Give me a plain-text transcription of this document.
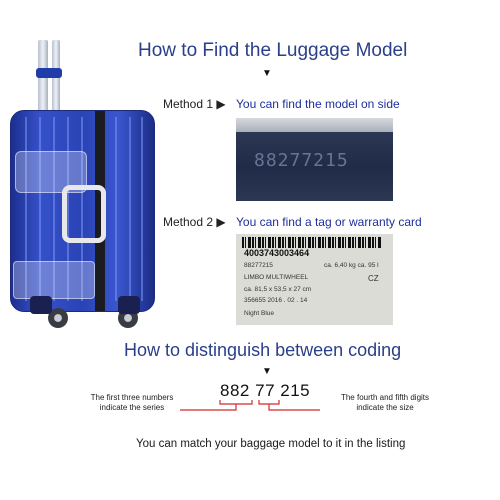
How to Find the Luggage Model
▼
Method 1 ▶ You can find the model on side
88277215
Method 2 ▶ You can find a tag or warranty card
4003743003464
88277215	ca. 6,40 kg ca. 95 l
LIMBO MULTIWHEEL	CZ
ca. 81,5 x 53,5 x 27 cm
356655 2016 . 02 . 14
Night Blue
How to distinguish between coding
▼
882 77 215
The first three numbers
indicate the series
The fourth and fifth digits
indicate the size
You can match your baggage model to it in the listing
